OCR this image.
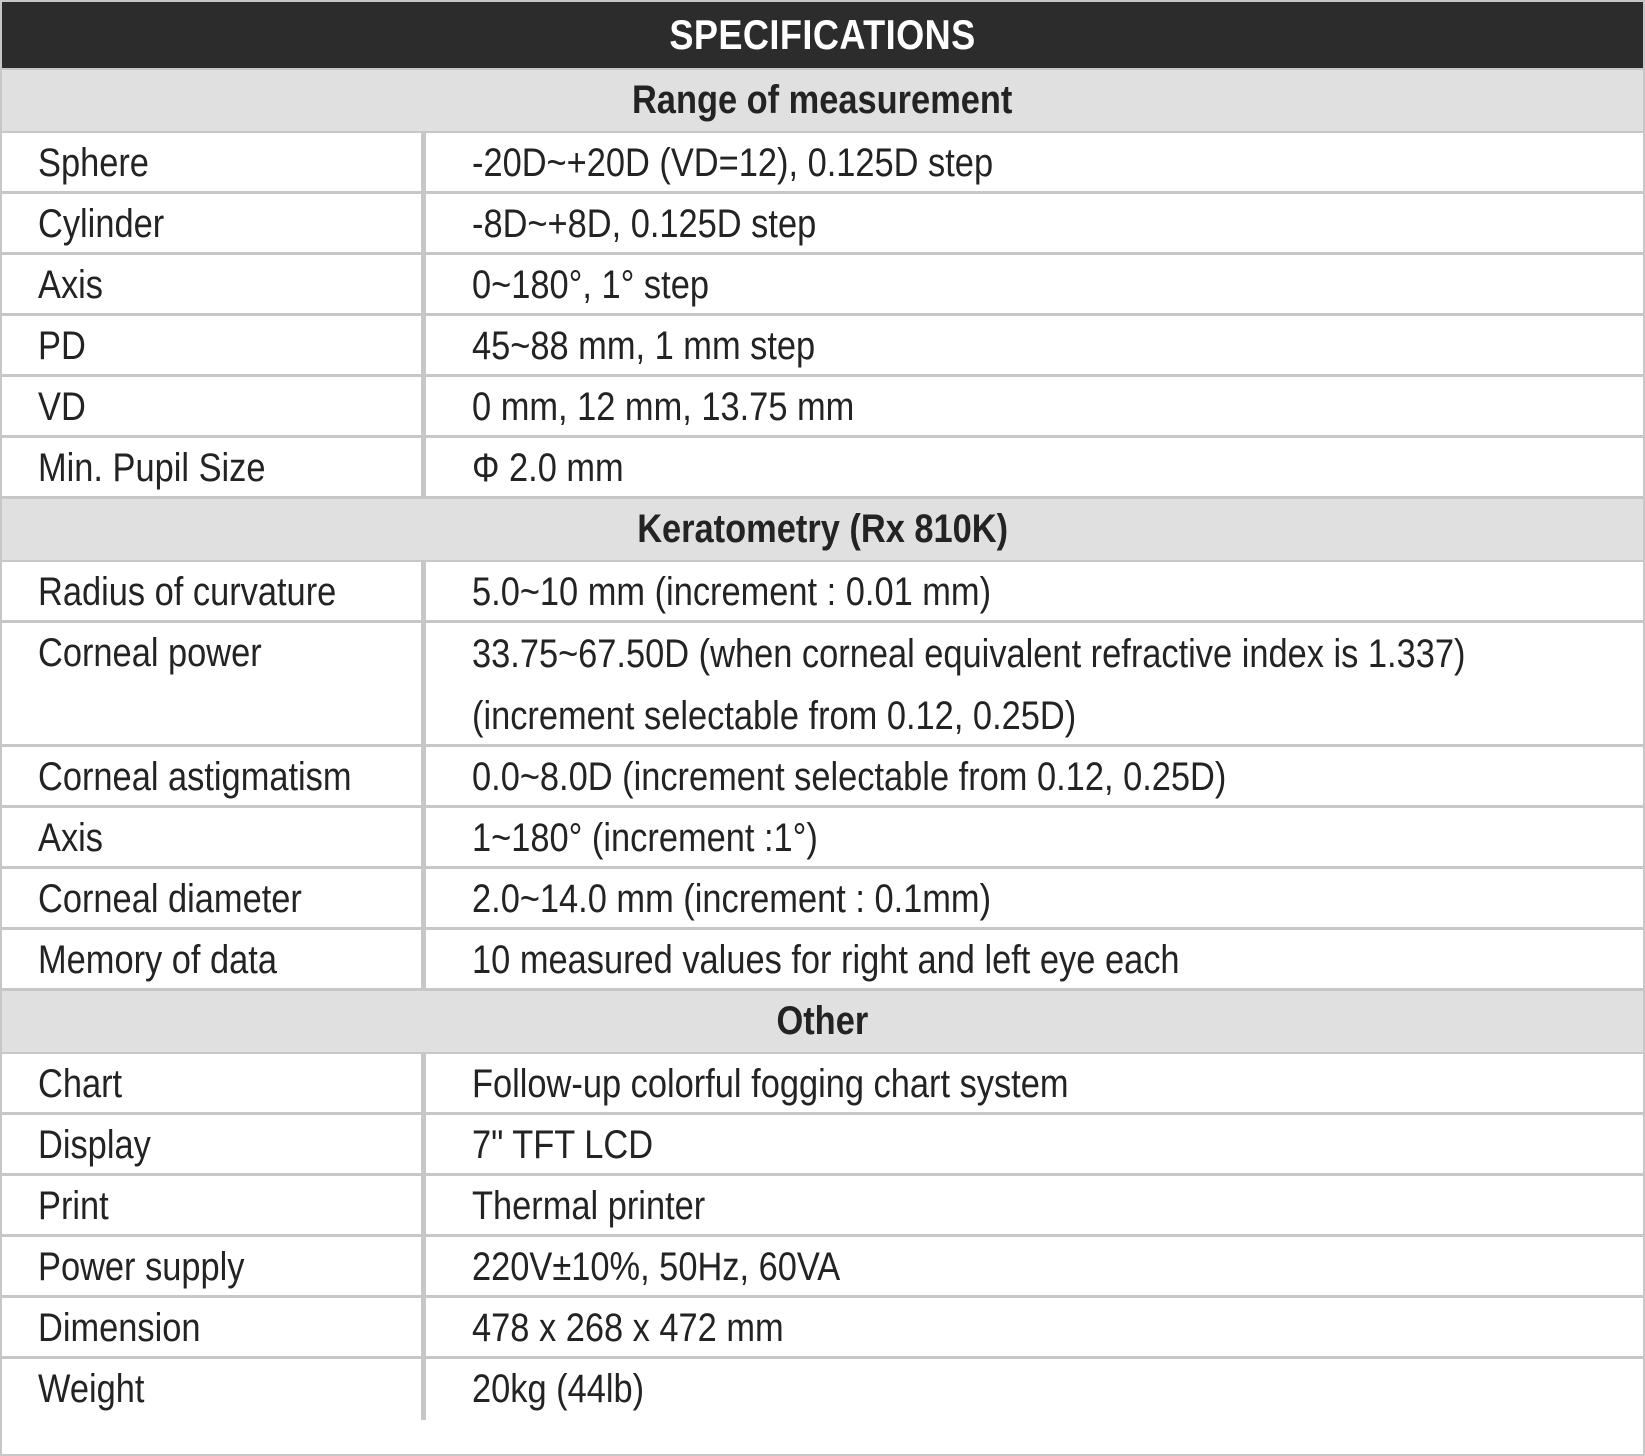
SPECIFICATIONS
Range of measurement
Sphere	-20D~+20D (VD=12), 0.125D step
Cylinder	-8D~+8D, 0.125D step
Axis	0~180°, 1° step
PD	45~88 mm, 1 mm step
VD	0 mm, 12 mm, 13.75 mm
Min. Pupil Size	Φ 2.0 mm
Keratometry (Rx 810K)
Radius of curvature	5.0~10 mm (increment : 0.01 mm)
Corneal power	33.75~67.50D (when corneal equivalent refractive index is 1.337)
(increment selectable from 0.12, 0.25D)
Corneal astigmatism	0.0~8.0D (increment selectable from 0.12, 0.25D)
Axis	1~180° (increment :1°)
Corneal diameter	2.0~14.0 mm (increment : 0.1mm)
Memory of data	10 measured values for right and left eye each
Other
Chart	Follow-up colorful fogging chart system
Display	7" TFT LCD
Print	Thermal printer
Power supply	220V±10%, 50Hz, 60VA
Dimension	478 x 268 x 472 mm
Weight	20kg (44lb)
